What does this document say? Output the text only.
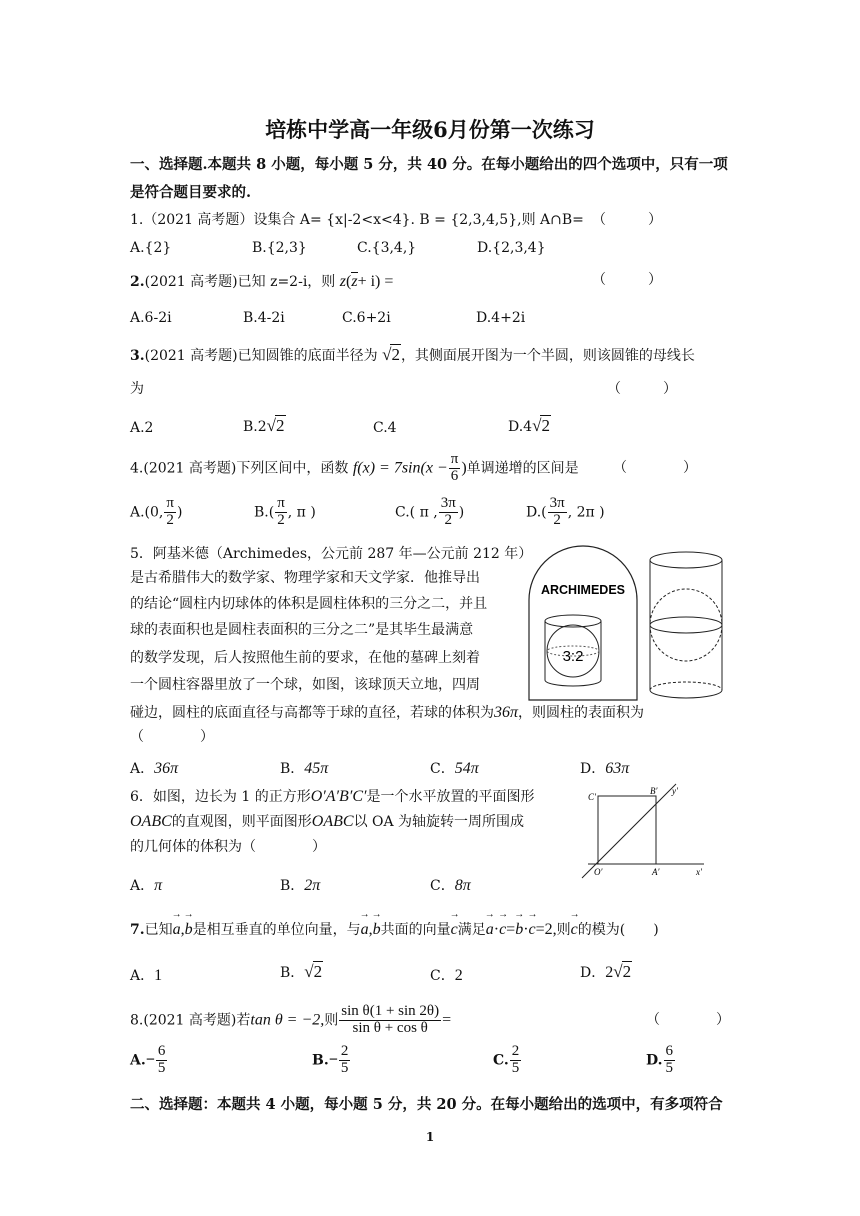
培栋中学高一年级6月份第一次练习
一、选择题.本题共 8 小题，每小题 5 分，共 40 分。在每小题给出的四个选项中，只有一项
是符合题目要求的.
1.（2021 高考题）设集合 A= {x|-2<x<4}. B = {2,3,4,5},则 A∩B= （　　　）
A.{2}	B.{2,3}	C.{3,4,}	D.{2,3,4}
2.(2021 高考题)已知 z=2-i，则 z(z+ i) =	（　　　）
A.6-2i	B.4-2i	C.6+2i	D.4+2i
3.(2021 高考题)已知圆锥的底面半径为 √2，其侧面展开图为一个半圆，则该圆锥的母线长
为	（　　　）
A.2	B.2√2	C.4	D.4√2
4.(2021 高考题)下列区间中，函数 $f(x) = 7\sin(x - \frac{\pi}{6}$ )单调递增的区间是 （　　　　）
A.(0, $\frac{\pi}{2}$ )	$B.( \frac{\pi}{2}$ , π )	C.( π , $\frac{3\pi}{2}$ )	$D.( \frac{3\pi}{2}$ , 2π )
5．阿基米德（Archimedes，公元前 287 年—公元前 212 年）
是古希腊伟大的数学家、物理学家和天文学家．他推导出
的结论“圆柱内切球体的体积是圆柱体积的三分之二，并且
球的表面积也是圆柱表面积的三分之二”是其毕生最满意
的数学发现，后人按照他生前的要求，在他的墓碑上刻着
一个圆柱容器里放了一个球，如图，该球顶天立地，四周
碰边，圆柱的底面直径与高都等于球的直径，若球的体积为36π，则圆柱的表面积为
（　　　　）
A．36π	B．45π	C．54π	D．63π
ARCHIMEDES
3:2
6．如图，边长为 1 的正方形O′A′B′C′是一个水平放置的平面图形
OABC的直观图，则平面图形OABC以 OA 为轴旋转一周所围成
的几何体的体积为（　　　　）
A．π	B．2π	C．8π
C′
B′ y′
O′	A′	x′
7.已知→ a,→ b是相互垂直的单位向量，与→ a,→ b共面的向量→ c满足→ a·→ c=→ b·→ c=2,则→ c的模为(　　)
A．1	B．√2	C．2	D．2√2
8.(2021 高考题)若tan θ = −2,则 $\frac{\text{sin θ(1 + sin 2θ)}}{\text{sin θ + cos θ}}$ =	（　　　　）
$A.- \frac{6}{5}$	$B.- \frac{2}{5}$	C. $\frac{2}{5}$	D. $\frac{6}{5}$
二、选择题：本题共 4 小题，每小题 5 分，共 20 分。在每小题给出的选项中，有多项符合
1
